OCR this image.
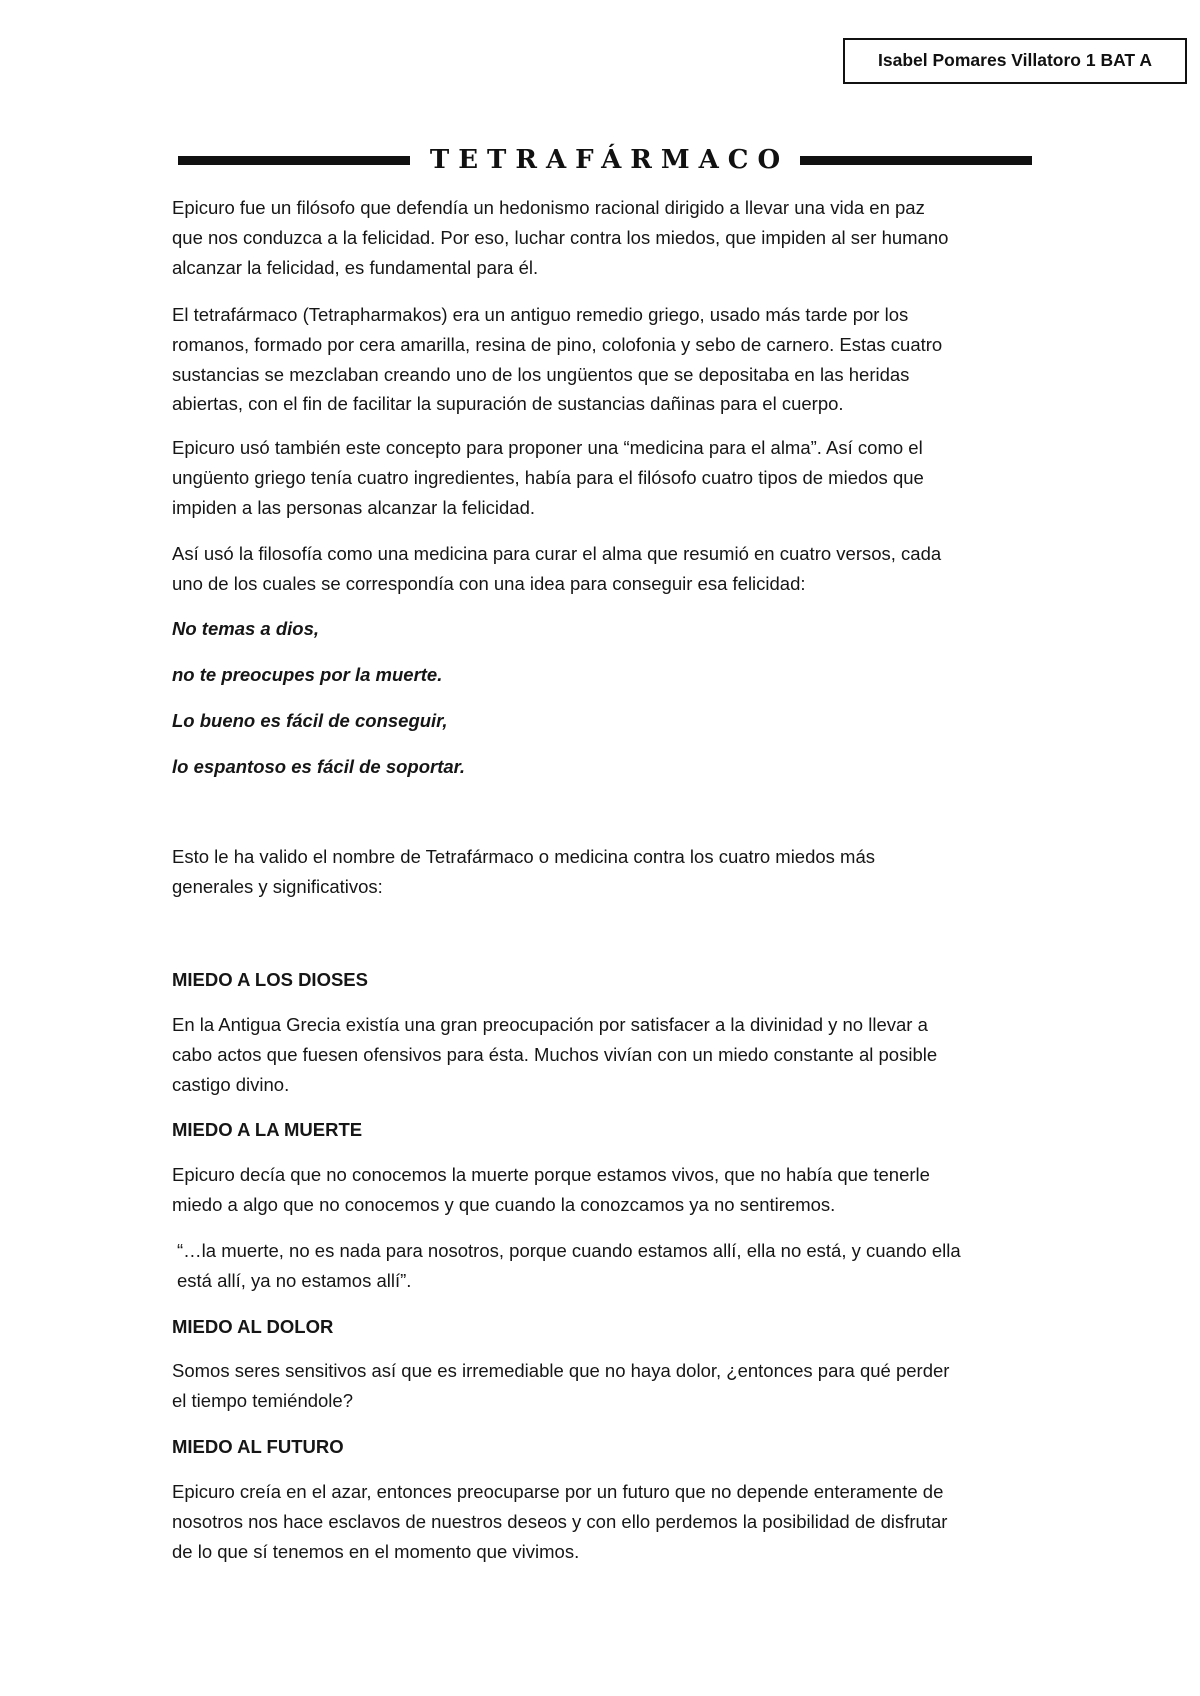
Isabel Pomares Villatoro 1 BAT A
TETRAFÁRMACO
Epicuro fue un filósofo que defendía un hedonismo racional dirigido a llevar una vida en paz
que nos conduzca a la felicidad. Por eso, luchar contra los miedos, que impiden al ser humano
alcanzar la felicidad, es fundamental para él.
El tetrafármaco (Tetrapharmakos) era un antiguo remedio griego, usado más tarde por los
romanos, formado por cera amarilla, resina de pino, colofonia y sebo de carnero. Estas cuatro
sustancias se mezclaban creando uno de los ungüentos que se depositaba en las heridas
abiertas, con el fin de facilitar la supuración de sustancias dañinas para el cuerpo.
Epicuro usó también este concepto para proponer una “medicina para el alma”. Así como el
ungüento griego tenía cuatro ingredientes, había para el filósofo cuatro tipos de miedos que
impiden a las personas alcanzar la felicidad.
Así usó la filosofía como una medicina para curar el alma que resumió en cuatro versos, cada
uno de los cuales se correspondía con una idea para conseguir esa felicidad:
No temas a dios,
no te preocupes por la muerte.
Lo bueno es fácil de conseguir,
lo espantoso es fácil de soportar.
Esto le ha valido el nombre de Tetrafármaco o medicina contra los cuatro miedos más
generales y significativos:
MIEDO A LOS DIOSES
En la Antigua Grecia existía una gran preocupación por satisfacer a la divinidad y no llevar a
cabo actos que fuesen ofensivos para ésta. Muchos vivían con un miedo constante al posible
castigo divino.
MIEDO A LA MUERTE
Epicuro decía que no conocemos la muerte porque estamos vivos, que no había que tenerle
miedo a algo que no conocemos y que cuando la conozcamos ya no sentiremos.
“…la muerte, no es nada para nosotros, porque cuando estamos allí, ella no está, y cuando ella
está allí, ya no estamos allí”.
MIEDO AL DOLOR
Somos seres sensitivos así que es irremediable que no haya dolor, ¿entonces para qué perder
el tiempo temiéndole?
MIEDO AL FUTURO
Epicuro creía en el azar, entonces preocuparse por un futuro que no depende enteramente de
nosotros nos hace esclavos de nuestros deseos y con ello perdemos la posibilidad de disfrutar
de lo que sí tenemos en el momento que vivimos.
